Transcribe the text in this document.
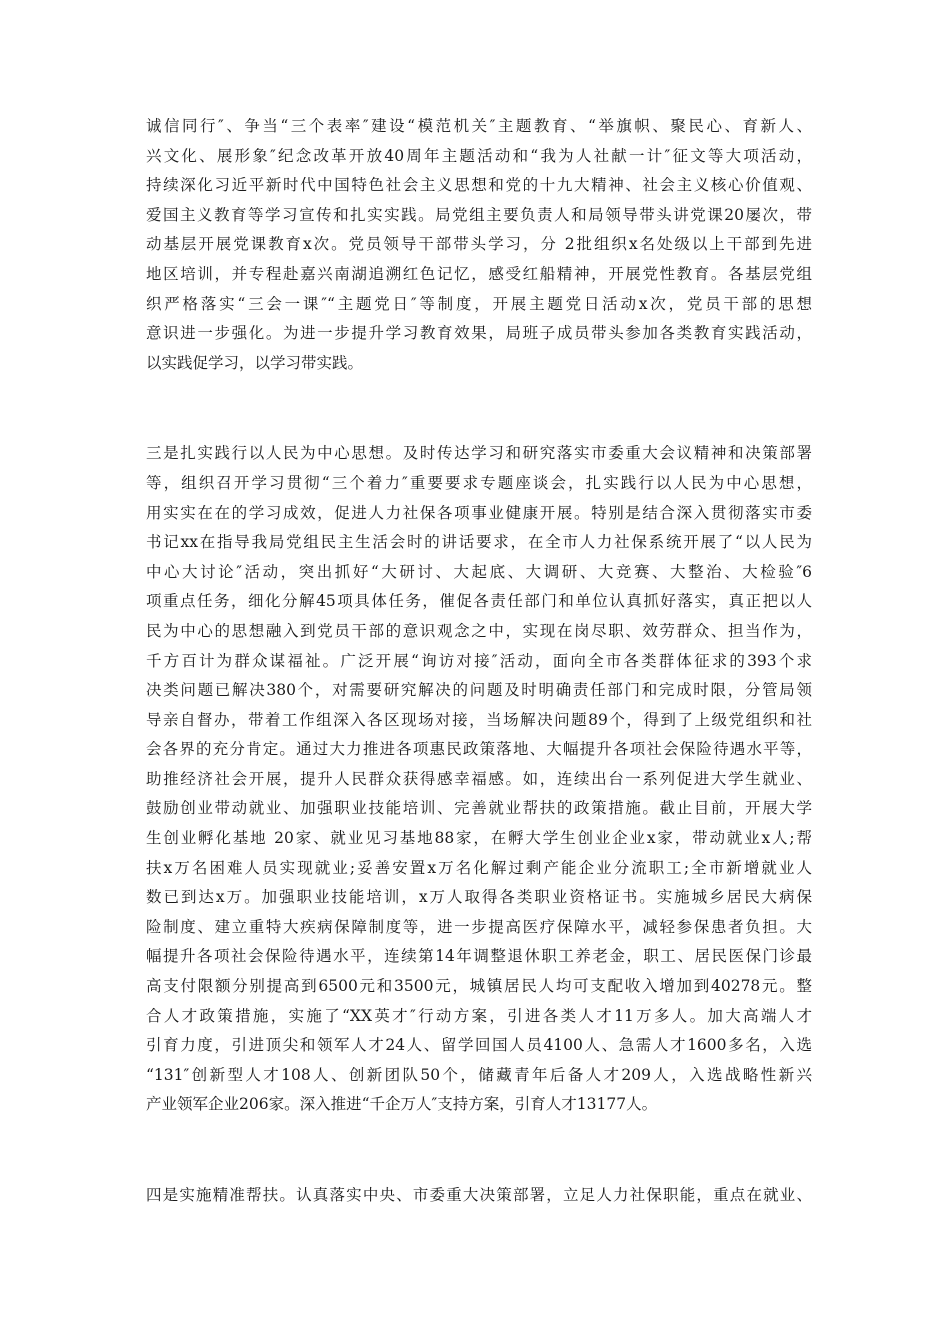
诚信同行″、争当“三个表率″建设“模范机关″主题教育、“举旗帜、聚民心、育新人、
兴文化、展形象″纪念改革开放40周年主题活动和“我为人社献一计″征文等大项活动，
持续深化习近平新时代中国特色社会主义思想和党的十九大精神、社会主义核心价值观、
爱国主义教育等学习宣传和扎实实践。局党组主要负责人和局领导带头讲党课20屡次，带
动基层开展党课教育x次。党员领导干部带头学习，分 2批组织x名处级以上干部到先进
地区培训，并专程赴嘉兴南湖追溯红色记忆，感受红船精神，开展党性教育。各基层党组
织严格落实“三会一课″“主题党日″等制度，开展主题党日活动x次，党员干部的思想
意识进一步强化。为进一步提升学习教育效果，局班子成员带头参加各类教育实践活动，
以实践促学习，以学习带实践。
三是扎实践行以人民为中心思想。及时传达学习和研究落实市委重大会议精神和决策部署
等，组织召开学习贯彻“三个着力″重要要求专题座谈会，扎实践行以人民为中心思想，
用实实在在的学习成效，促进人力社保各项事业健康开展。特别是结合深入贯彻落实市委
书记xx在指导我局党组民主生活会时的讲话要求，在全市人力社保系统开展了“以人民为
中心大讨论″活动，突出抓好“大研讨、大起底、大调研、大竞赛、大整治、大检验″6
项重点任务，细化分解45项具体任务，催促各责任部门和单位认真抓好落实，真正把以人
民为中心的思想融入到党员干部的意识观念之中，实现在岗尽职、效劳群众、担当作为，
千方百计为群众谋福祉。广泛开展“询访对接″活动，面向全市各类群体征求的393个求
决类问题已解决380个，对需要研究解决的问题及时明确责任部门和完成时限，分管局领
导亲自督办，带着工作组深入各区现场对接，当场解决问题89个，得到了上级党组织和社
会各界的充分肯定。通过大力推进各项惠民政策落地、大幅提升各项社会保险待遇水平等，
助推经济社会开展，提升人民群众获得感幸福感。如，连续出台一系列促进大学生就业、
鼓励创业带动就业、加强职业技能培训、完善就业帮扶的政策措施。截止目前，开展大学
生创业孵化基地 20家、就业见习基地88家，在孵大学生创业企业x家，带动就业x人;帮
扶x万名困难人员实现就业;妥善安置x万名化解过剩产能企业分流职工;全市新增就业人
数已到达x万。加强职业技能培训，x万人取得各类职业资格证书。实施城乡居民大病保
险制度、建立重特大疾病保障制度等，进一步提高医疗保障水平，减轻参保患者负担。大
幅提升各项社会保险待遇水平，连续第14年调整退休职工养老金，职工、居民医保门诊最
高支付限额分别提高到6500元和3500元，城镇居民人均可支配收入增加到40278元。整
合人才政策措施，实施了“XX英才″行动方案，引进各类人才11万多人。加大高端人才
引育力度，引进顶尖和领军人才24人、留学回国人员4100人、急需人才1600多名，入选
“131″创新型人才108人、创新团队50个，储藏青年后备人才209人，入选战略性新兴
产业领军企业206家。深入推进“千企万人″支持方案，引育人才13177人。
四是实施精准帮扶。认真落实中央、市委重大决策部署，立足人力社保职能，重点在就业、
